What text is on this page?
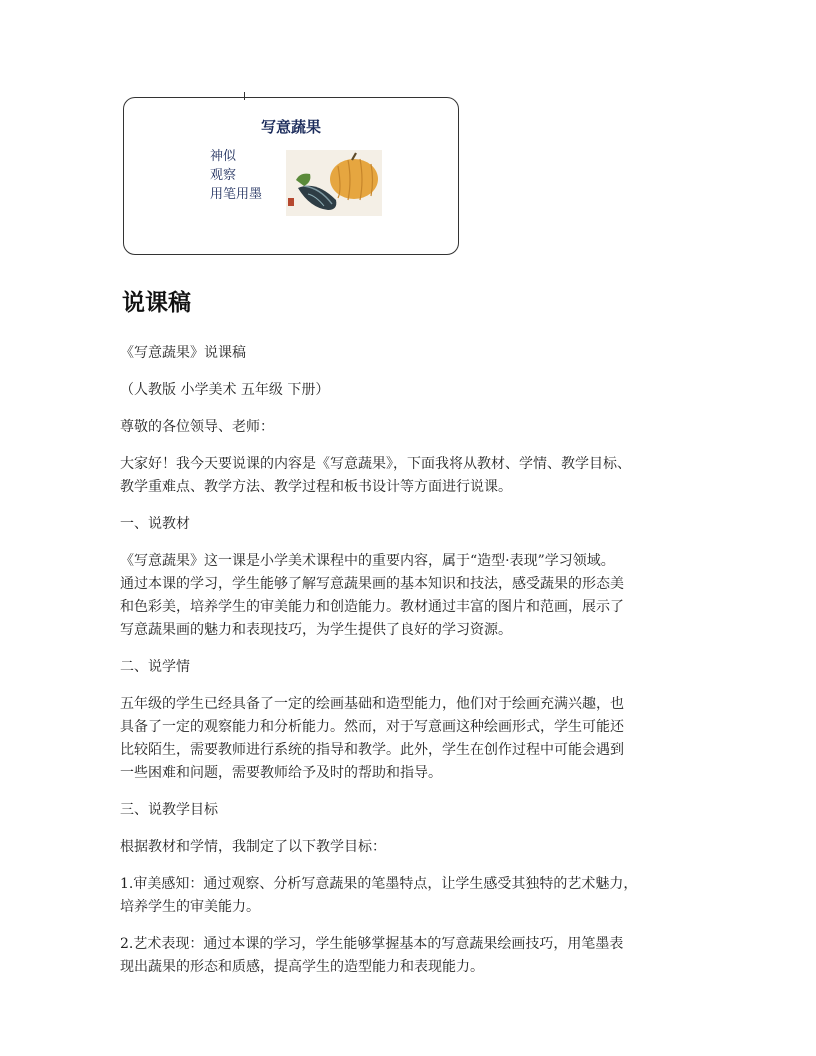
写意蔬果
神似
观察
用笔用墨
说课稿

《写意蔬果》说课稿

（人教版 小学美术 五年级 下册）

尊敬的各位领导、老师：

大家好！我今天要说课的内容是《写意蔬果》，下面我将从教材、学情、教学目标、
教学重难点、教学方法、教学过程和板书设计等方面进行说课。

一、说教材

《写意蔬果》这一课是小学美术课程中的重要内容，属于“造型·表现”学习领域。
通过本课的学习，学生能够了解写意蔬果画的基本知识和技法，感受蔬果的形态美
和色彩美，培养学生的审美能力和创造能力。教材通过丰富的图片和范画，展示了
写意蔬果画的魅力和表现技巧，为学生提供了良好的学习资源。

二、说学情

五年级的学生已经具备了一定的绘画基础和造型能力，他们对于绘画充满兴趣，也
具备了一定的观察能力和分析能力。然而，对于写意画这种绘画形式，学生可能还
比较陌生，需要教师进行系统的指导和教学。此外，学生在创作过程中可能会遇到
一些困难和问题，需要教师给予及时的帮助和指导。

三、说教学目标

根据教材和学情，我制定了以下教学目标：

1.审美感知：通过观察、分析写意蔬果的笔墨特点，让学生感受其独特的艺术魅力，
培养学生的审美能力。

2.艺术表现：通过本课的学习，学生能够掌握基本的写意蔬果绘画技巧，用笔墨表
现出蔬果的形态和质感，提高学生的造型能力和表现能力。
